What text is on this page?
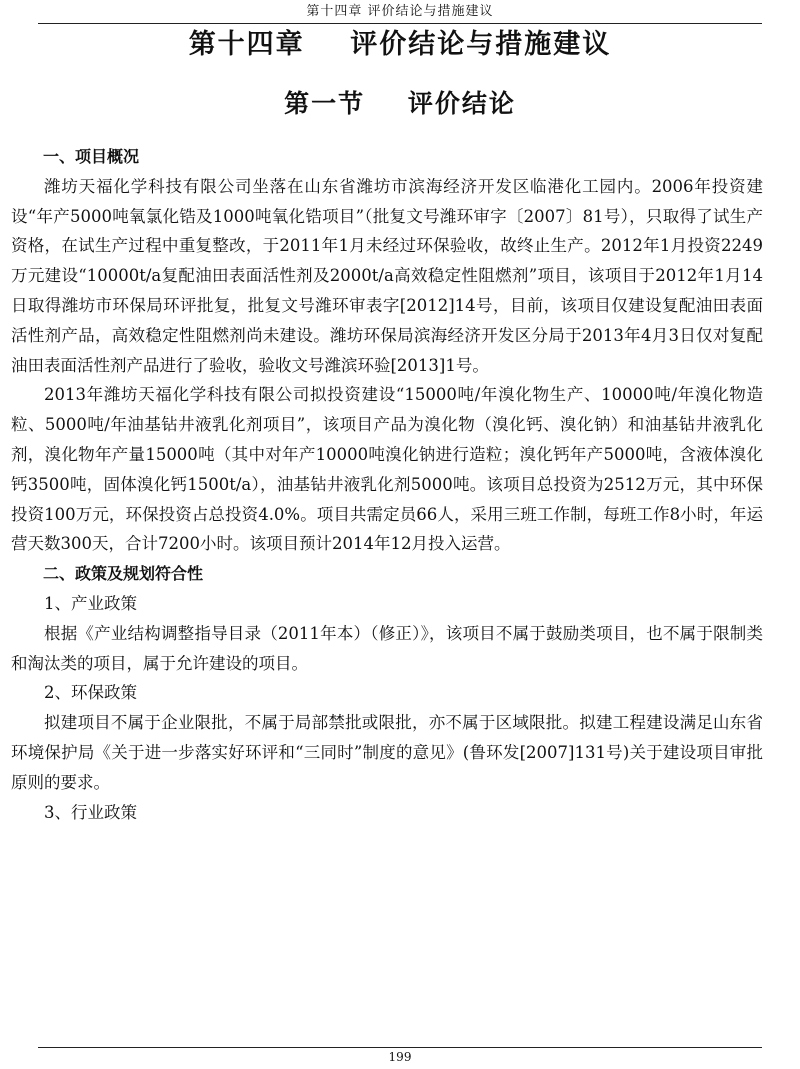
第十四章 评价结论与措施建议
第十四章    评价结论与措施建议
第一节    评价结论
一、项目概况

潍坊天福化学科技有限公司坐落在山东省潍坊市滨海经济开发区临港化工园内。2006年投资建设“年产5000吨氧氯化锆及1000吨氧化锆项目”（批复文号潍环审字〔2007〕81号），只取得了试生产资格，在试生产过程中重复整改，于2011年1月未经过环保验收，故终止生产。2012年1月投资2249万元建设“10000t/a复配油田表面活性剂及2000t/a高效稳定性阻燃剂”项目，该项目于2012年1月14日取得潍坊市环保局环评批复，批复文号潍环审表字[2012]14号，目前，该项目仅建设复配油田表面活性剂产品，高效稳定性阻燃剂尚未建设。潍坊环保局滨海经济开发区分局于2013年4月3日仅对复配油田表面活性剂产品进行了验收，验收文号潍滨环验[2013]1号。

2013年潍坊天福化学科技有限公司拟投资建设“15000吨/年溴化物生产、10000吨/年溴化物造粒、5000吨/年油基钻井液乳化剂项目”，该项目产品为溴化物（溴化钙、溴化钠）和油基钻井液乳化剂，溴化物年产量15000吨（其中对年产10000吨溴化钠进行造粒；溴化钙年产5000吨，含液体溴化钙3500吨，固体溴化钙1500t/a），油基钻井液乳化剂5000吨。该项目总投资为2512万元，其中环保投资100万元，环保投资占总投资4.0%。项目共需定员66人，采用三班工作制，每班工作8小时，年运营天数300天，合计7200小时。该项目预计2014年12月投入运营。

二、政策及规划符合性
1、产业政策

根据《产业结构调整指导目录（2011年本）（修正）》，该项目不属于鼓励类项目，也不属于限制类和淘汰类的项目，属于允许建设的项目。

2、环保政策

拟建项目不属于企业限批，不属于局部禁批或限批，亦不属于区域限批。拟建工程建设满足山东省环境保护局《关于进一步落实好环评和“三同时”制度的意见》(鲁环发[2007]131号)关于建设项目审批原则的要求。

3、行业政策
199
